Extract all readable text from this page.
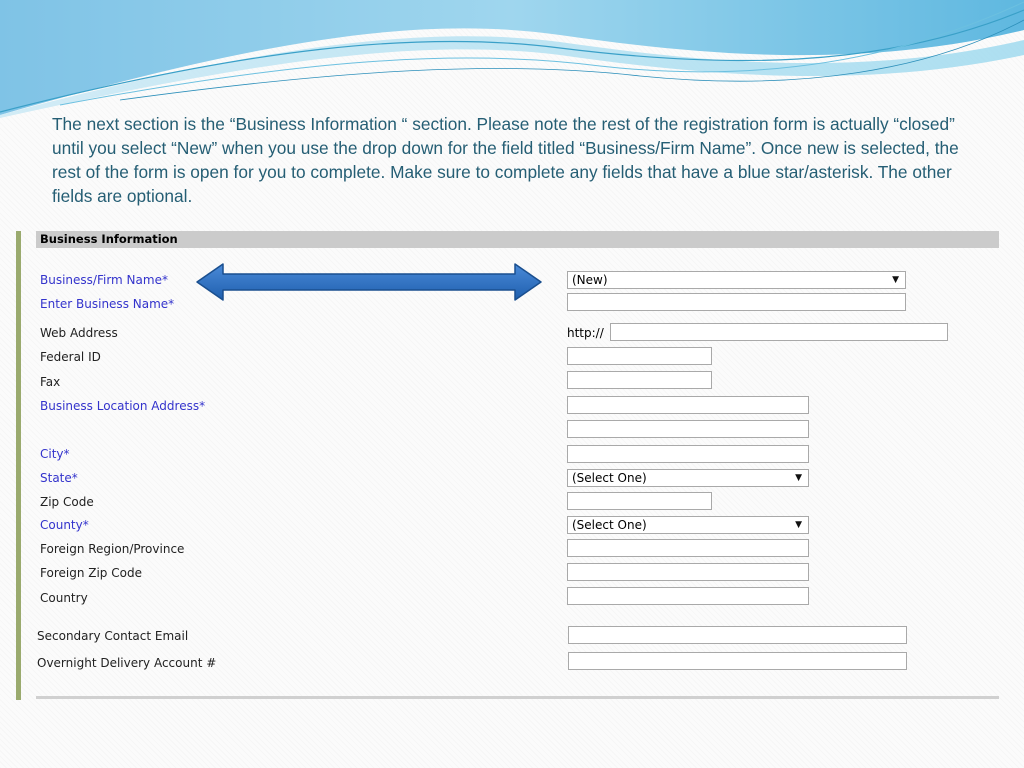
The next section is the “Business Information “ section. Please note the rest of the registration form is actually “closed” until you select “New” when you use the drop down for the field titled “Business/Firm Name”. Once new is selected, the rest of the form is open for you to complete. Make sure to complete any fields that have a blue star/asterisk. The other fields are optional.

Business Information
Business/Firm Name*	(New)	▼
Enter Business Name*
Web Address	http://
Federal ID
Fax
Business Location Address*
City*
State*	(Select One)	▼
Zip Code
County*	(Select One)	▼
Foreign Region/Province
Foreign Zip Code
Country
Secondary Contact Email
Overnight Delivery Account #
